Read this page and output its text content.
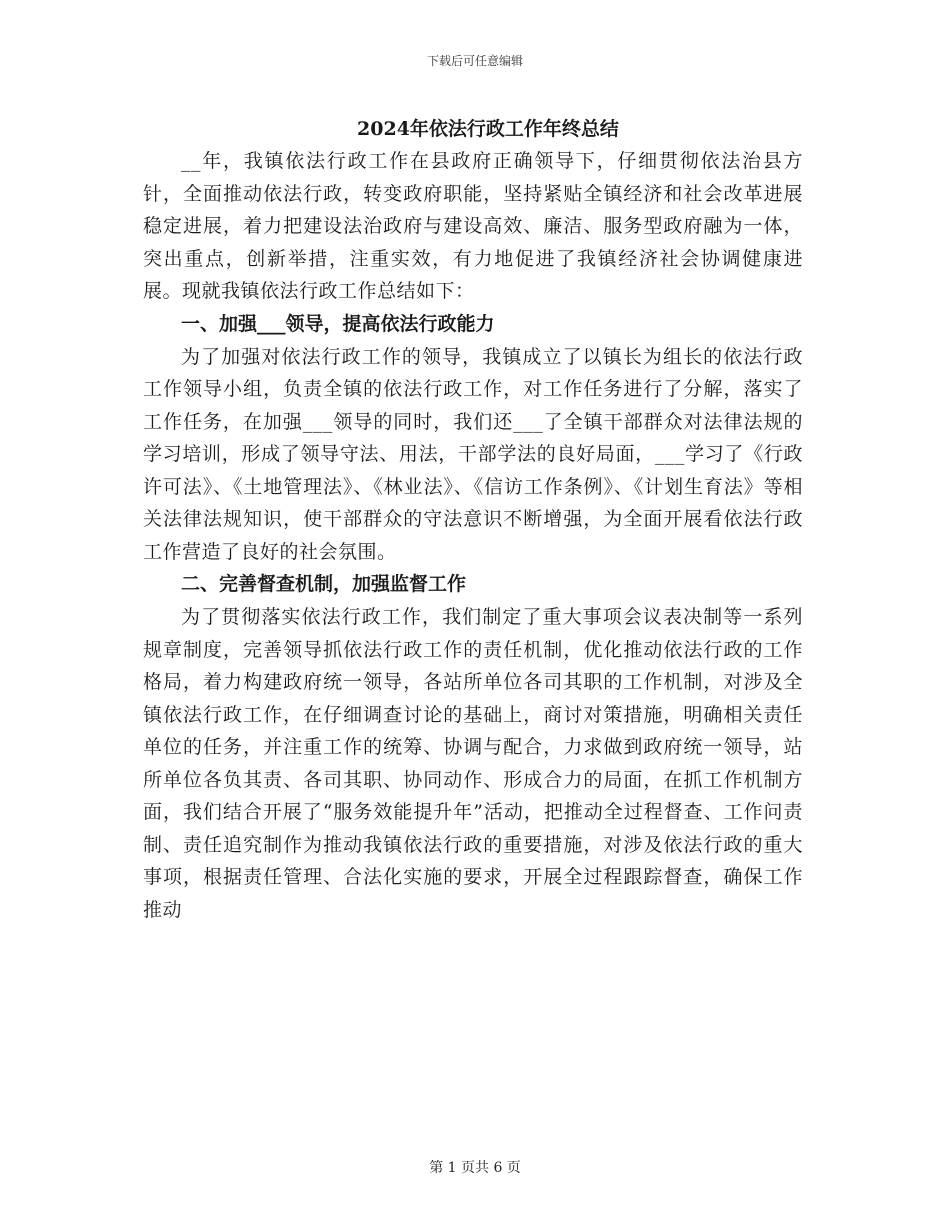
下载后可任意编辑
2024年依法行政工作年终总结

__年，我镇依法行政工作在县政府正确领导下，仔细贯彻依法治县方针，全面推动依法行政，转变政府职能，坚持紧贴全镇经济和社会改革进展稳定进展，着力把建设法治政府与建设高效、廉洁、服务型政府融为一体，突出重点，创新举措，注重实效，有力地促进了我镇经济社会协调健康进展。现就我镇依法行政工作总结如下：

一、加强___领导，提高依法行政能力

为了加强对依法行政工作的领导，我镇成立了以镇长为组长的依法行政工作领导小组，负责全镇的依法行政工作，对工作任务进行了分解，落实了工作任务，在加强___领导的同时，我们还___了全镇干部群众对法律法规的学习培训，形成了领导守法、用法，干部学法的良好局面，___学习了《行政许可法》、《土地管理法》、《林业法》、《信访工作条例》、《计划生育法》等相关法律法规知识，使干部群众的守法意识不断增强，为全面开展看依法行政工作营造了良好的社会氛围。

二、完善督查机制，加强监督工作

为了贯彻落实依法行政工作，我们制定了重大事项会议表决制等一系列规章制度，完善领导抓依法行政工作的责任机制，优化推动依法行政的工作格局，着力构建政府统一领导，各站所单位各司其职的工作机制，对涉及全镇依法行政工作，在仔细调查讨论的基础上，商讨对策措施，明确相关责任单位的任务，并注重工作的统筹、协调与配合，力求做到政府统一领导，站所单位各负其责、各司其职、协同动作、形成合力的局面，在抓工作机制方面，我们结合开展了“服务效能提升年”活动，把推动全过程督查、工作问责制、责任追究制作为推动我镇依法行政的重要措施，对涉及依法行政的重大事项，根据责任管理、合法化实施的要求，开展全过程跟踪督查，确保工作推动

第 1 页共 6 页
